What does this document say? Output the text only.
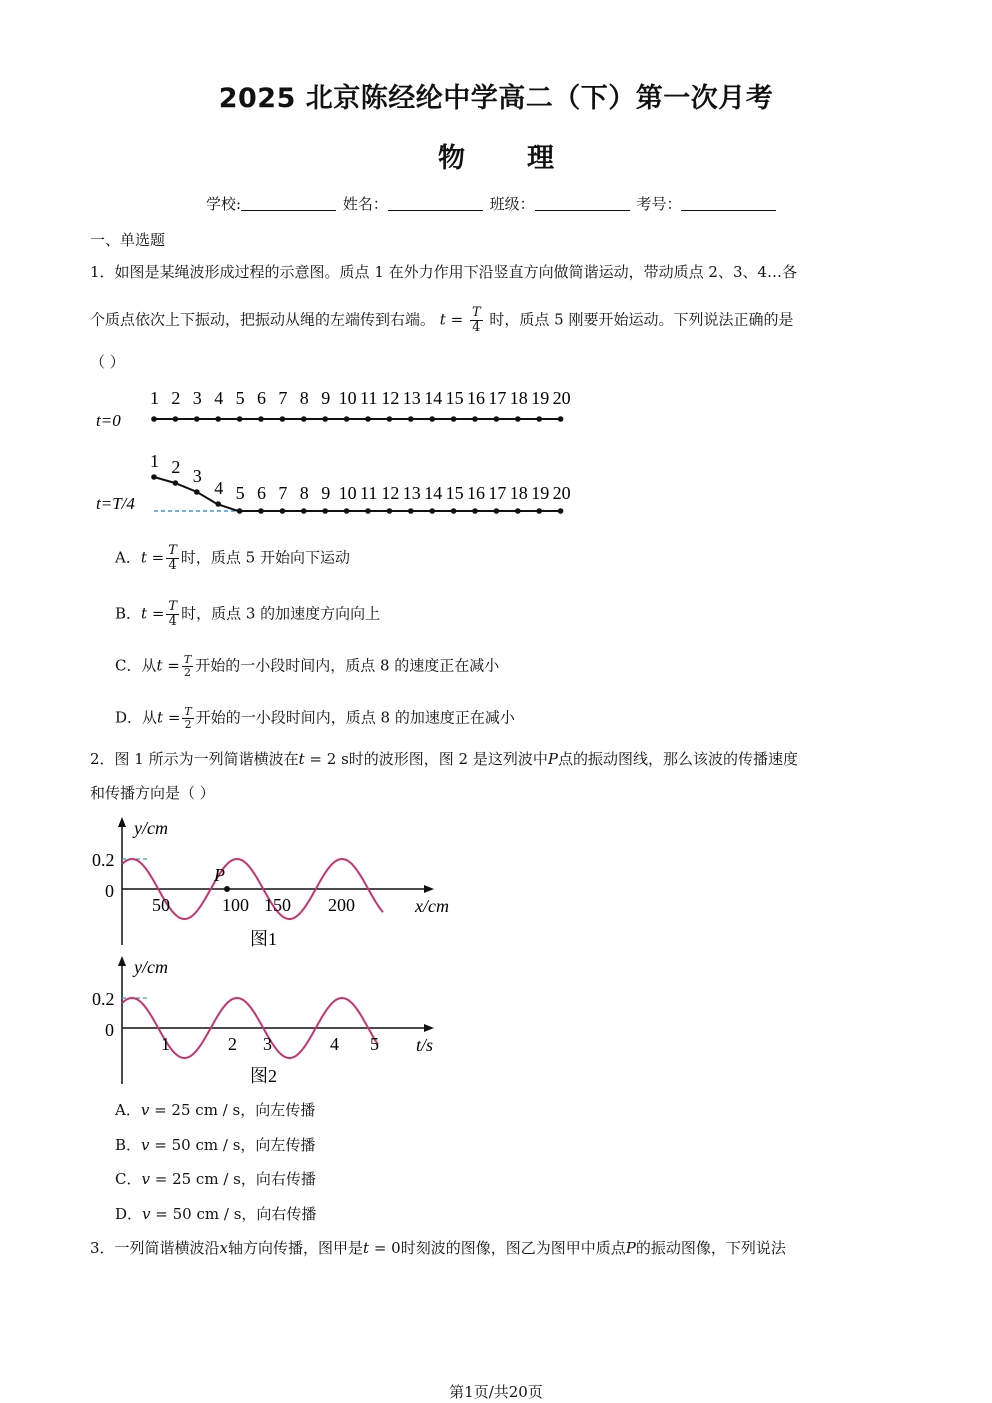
2025 北京陈经纶中学高二（下）第一次月考
物 理
学校:	姓名：	班级：	考号：
一、单选题
1．如图是某绳波形成过程的示意图。质点 1 在外力作用下沿竖直方向做简谐运动，带动质点 2、3、4…各
个质点依次上下振动，把振动从绳的左端传到右端。 $t = \frac{T}{4}$ 时，质点 5 刚要开始运动。下列说法正确的是
（ ）
1 2 3 4 5 6 7 8 9 10 11 12 13 14 15 16 17 18 19 20
t=0
t=T/4
1 2 3
4 5 6 7 8 9 10 11 12 13 14 15 16 17 18 19 20
A．$t = \frac{T}{4}$ 时，质点 5 开始向下运动
B．$t = \frac{T}{4}$ 时，质点 3 的加速度方向向上
C．从$t = \frac{T}{2}$ 开始的一小段时间内，质点 8 的速度正在减小
D．从$t = \frac{T}{2}$ 开始的一小段时间内，质点 8 的加速度正在减小
2．图 1 所示为一列简谐横波在t = 2 s时的波形图，图 2 是这列波中P点的振动图线，那么该波的传播速度
和传播方向是（ ）
y/cm
0.2
0
P
50	100 150 200	x/cm
图1
y/cm
0.2
0
1	2 3	4 5 t/s
图2
A．v = 25 cm / s，向左传播
B．v = 50 cm / s，向左传播
C．v = 25 cm / s，向右传播
D．v = 50 cm / s，向右传播
3．一列简谐横波沿x轴方向传播，图甲是t = 0时刻波的图像，图乙为图甲中质点P的振动图像，下列说法
第1页/共20页
